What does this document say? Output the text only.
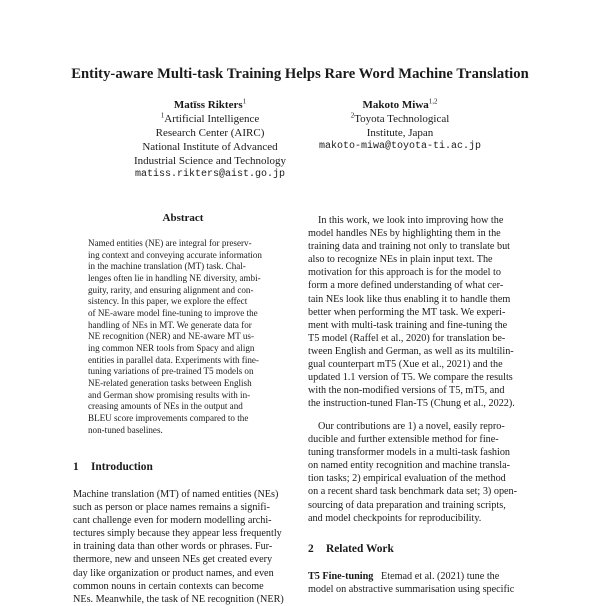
Entity-aware Multi-task Training Helps Rare Word Machine Translation
Matīss Rikters$^1$
$^1$Artificial Intelligence
Research Center (AIRC)
National Institute of Advanced
Industrial Science and Technology
matiss.rikters@aist.go.jp
Makoto Miwa$^{1,2}$
$^2$Toyota Technological
Institute, Japan
makoto-miwa@toyota-ti.ac.jp
Abstract
Named entities (NE) are integral for preserv-
ing context and conveying accurate information
in the machine translation (MT) task. Chal-
lenges often lie in handling NE diversity, ambi-
guity, rarity, and ensuring alignment and con-
sistency. In this paper, we explore the effect
of NE-aware model fine-tuning to improve the
handling of NEs in MT. We generate data for
NE recognition (NER) and NE-aware MT us-
ing common NER tools from Spacy and align
entities in parallel data. Experiments with fine-
tuning variations of pre-trained T5 models on
NE-related generation tasks between English
and German show promising results with in-
creasing amounts of NEs in the output and
BLEU score improvements compared to the
non-tuned baselines.
1 Introduction
Machine translation (MT) of named entities (NEs)
such as person or place names remains a signifi-
cant challenge even for modern modelling archi-
tectures simply because they appear less frequently
in training data than other words or phrases. Fur-
thermore, new and unseen NEs get created every
day like organization or product names, and even
common nouns in certain contexts can become
NEs. Meanwhile, the task of NE recognition (NER)
In this work, we look into improving how the
model handles NEs by highlighting them in the
training data and training not only to translate but
also to recognize NEs in plain input text. The
motivation for this approach is for the model to
form a more defined understanding of what cer-
tain NEs look like thus enabling it to handle them
better when performing the MT task. We experi-
ment with multi-task training and fine-tuning the
T5 model (Raffel et al., 2020) for translation be-
tween English and German, as well as its multilin-
gual counterpart mT5 (Xue et al., 2021) and the
updated 1.1 version of T5. We compare the results
with the non-modified versions of T5, mT5, and
the instruction-tuned Flan-T5 (Chung et al., 2022).
Our contributions are 1) a novel, easily repro-
ducible and further extensible method for fine-
tuning transformer models in a multi-task fashion
on named entity recognition and machine transla-
tion tasks; 2) empirical evaluation of the method
on a recent shard task benchmark data set; 3) open-
sourcing of data preparation and training scripts,
and model checkpoints for reproducibility.
2 Related Work
T5 Fine-tuning Etemad et al. (2021) tune the
model on abstractive summarisation using specific
